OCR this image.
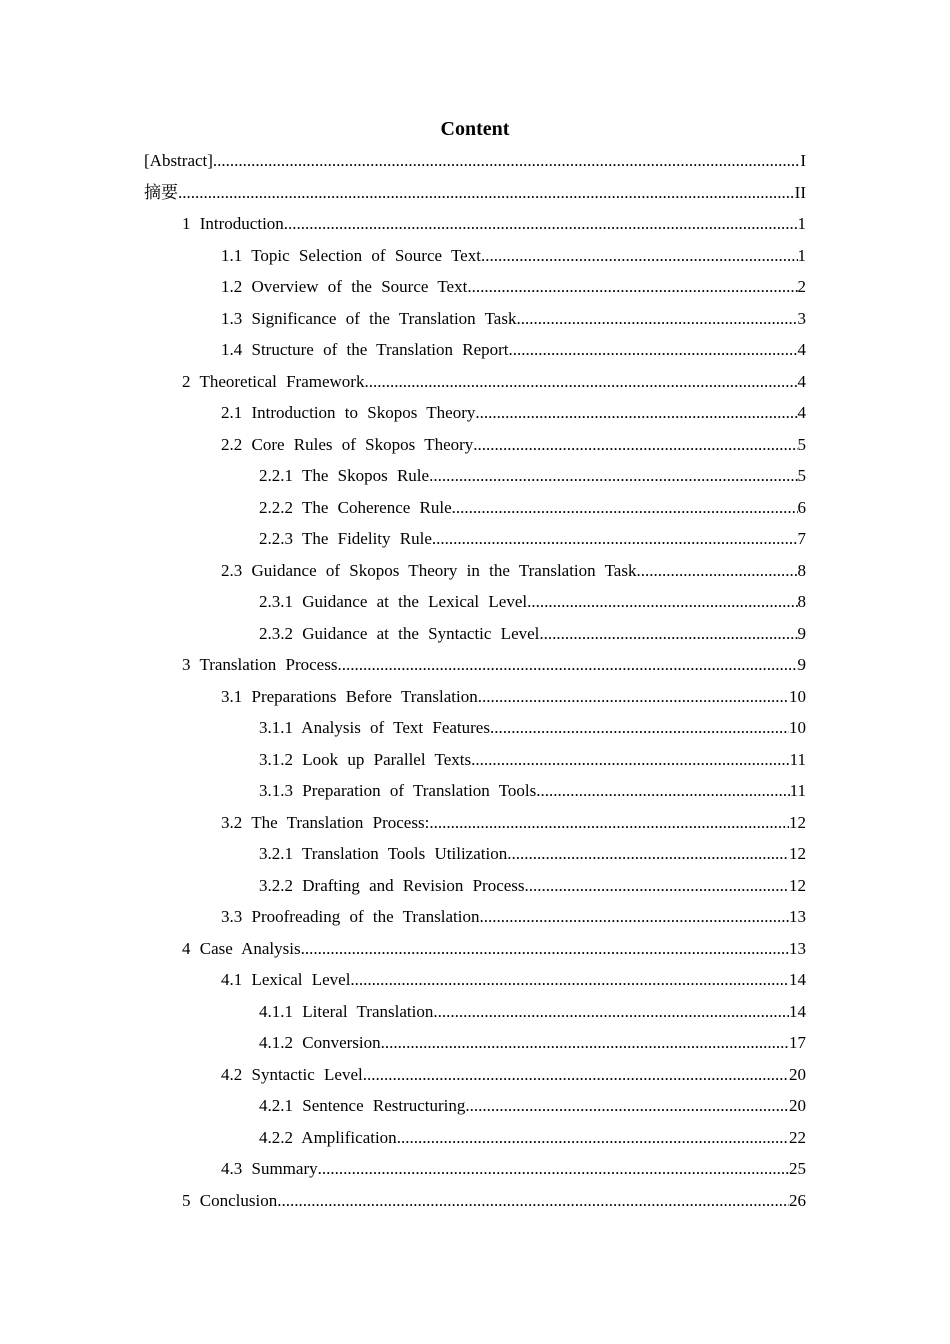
Content
[Abstract] .....	I
摘要 .....	II
1 Introduction .....	1
1.1 Topic Selection of Source Text .....	1
1.2 Overview of the Source Text .....	2
1.3 Significance of the Translation Task .....	3
1.4 Structure of the Translation Report .....	4
2 Theoretical Framework .....	4
2.1 Introduction to Skopos Theory .....	4
2.2 Core Rules of Skopos Theory .....	5
2.2.1 The Skopos Rule .....	5
2.2.2 The Coherence Rule .....	6
2.2.3 The Fidelity Rule .....	7
2.3 Guidance of Skopos Theory in the Translation Task .....	8
2.3.1 Guidance at the Lexical Level .....	8
2.3.2 Guidance at the Syntactic Level .....	9
3 Translation Process .....	9
3.1 Preparations Before Translation .....	10
3.1.1 Analysis of Text Features .....	10
3.1.2 Look up Parallel Texts .....	11
3.1.3 Preparation of Translation Tools .....	11
3.2 The Translation Process: .....	12
3.2.1 Translation Tools Utilization .....	12
3.2.2 Drafting and Revision Process .....	12
3.3 Proofreading of the Translation .....	13
4 Case Analysis .....	13
4.1 Lexical Level .....	14
4.1.1 Literal Translation .....	14
4.1.2 Conversion .....	17
4.2 Syntactic Level .....	20
4.2.1 Sentence Restructuring .....	20
4.2.2 Amplification .....	22
4.3 Summary .....	25
5 Conclusion .....	26
